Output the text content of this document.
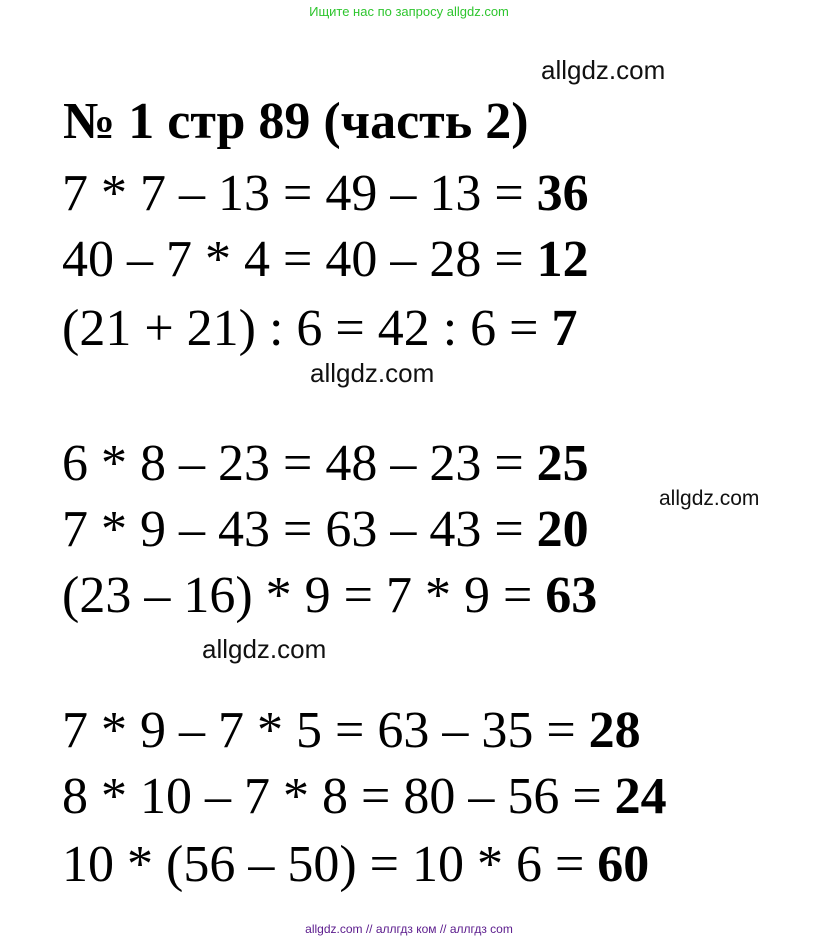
Ищите нас по запросу allgdz.com
allgdz.com
№ 1 стр 89 (часть 2)
7 * 7 – 13 = 49 – 13 = 36
40 – 7 * 4 = 40 – 28 = 12
(21 + 21) : 6 = 42 : 6 = 7
allgdz.com
6 * 8 – 23 = 48 – 23 = 25
allgdz.com
7 * 9 – 43 = 63 – 43 = 20
(23 – 16) * 9 = 7 * 9 = 63
allgdz.com
7 * 9 – 7 * 5 = 63 – 35 = 28
8 * 10 – 7 * 8 = 80 – 56 = 24
10 * (56 – 50) = 10 * 6 = 60
allgdz.com // аллгдз ком // аллгдз com
